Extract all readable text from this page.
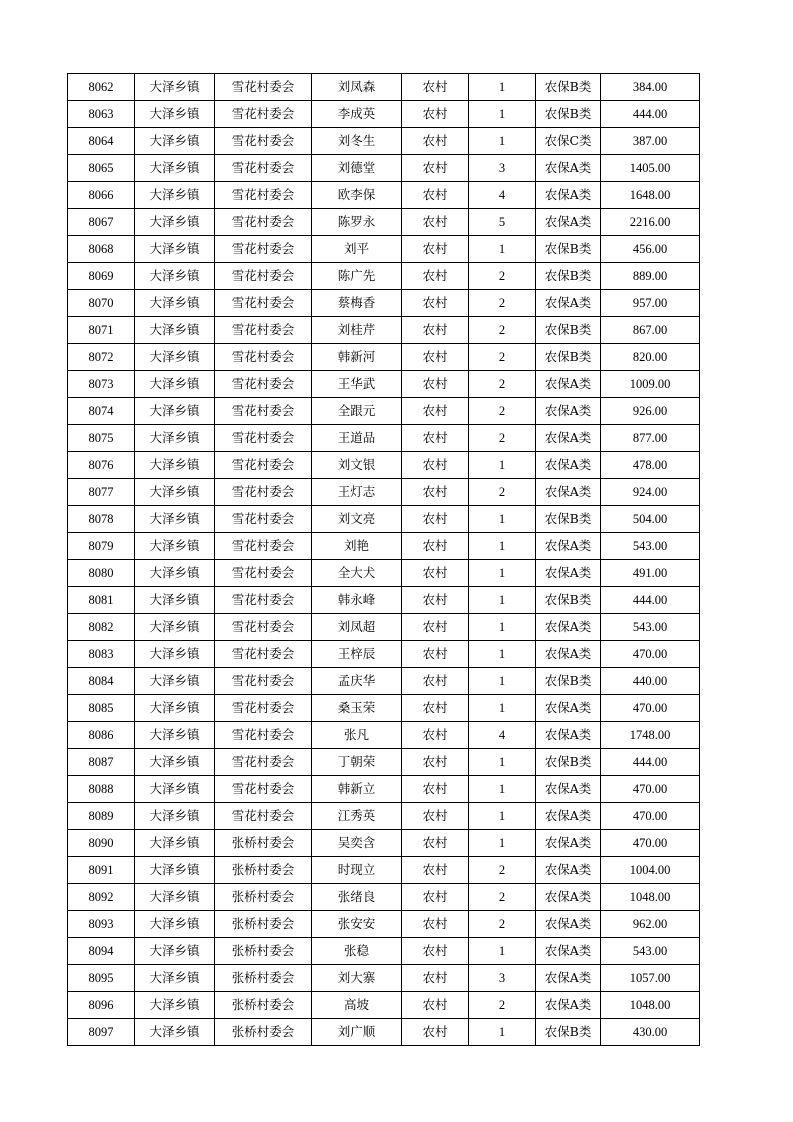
8062	大泽乡镇	雪花村委会	刘凤森	农村	1	农保B类	384.00
8063	大泽乡镇	雪花村委会	李成英	农村	1	农保B类	444.00
8064	大泽乡镇	雪花村委会	刘冬生	农村	1	农保C类	387.00
8065	大泽乡镇	雪花村委会	刘德堂	农村	3	农保A类	1405.00
8066	大泽乡镇	雪花村委会	欧李保	农村	4	农保A类	1648.00
8067	大泽乡镇	雪花村委会	陈罗永	农村	5	农保A类	2216.00
8068	大泽乡镇	雪花村委会	刘平	农村	1	农保B类	456.00
8069	大泽乡镇	雪花村委会	陈广先	农村	2	农保B类	889.00
8070	大泽乡镇	雪花村委会	蔡梅香	农村	2	农保A类	957.00
8071	大泽乡镇	雪花村委会	刘桂芹	农村	2	农保B类	867.00
8072	大泽乡镇	雪花村委会	韩新河	农村	2	农保B类	820.00
8073	大泽乡镇	雪花村委会	王华武	农村	2	农保A类	1009.00
8074	大泽乡镇	雪花村委会	全跟元	农村	2	农保A类	926.00
8075	大泽乡镇	雪花村委会	王道品	农村	2	农保A类	877.00
8076	大泽乡镇	雪花村委会	刘文银	农村	1	农保A类	478.00
8077	大泽乡镇	雪花村委会	王灯志	农村	2	农保A类	924.00
8078	大泽乡镇	雪花村委会	刘文亮	农村	1	农保B类	504.00
8079	大泽乡镇	雪花村委会	刘艳	农村	1	农保A类	543.00
8080	大泽乡镇	雪花村委会	全大犬	农村	1	农保A类	491.00
8081	大泽乡镇	雪花村委会	韩永峰	农村	1	农保B类	444.00
8082	大泽乡镇	雪花村委会	刘凤超	农村	1	农保A类	543.00
8083	大泽乡镇	雪花村委会	王梓辰	农村	1	农保A类	470.00
8084	大泽乡镇	雪花村委会	孟庆华	农村	1	农保B类	440.00
8085	大泽乡镇	雪花村委会	桑玉荣	农村	1	农保A类	470.00
8086	大泽乡镇	雪花村委会	张凡	农村	4	农保A类	1748.00
8087	大泽乡镇	雪花村委会	丁朝荣	农村	1	农保B类	444.00
8088	大泽乡镇	雪花村委会	韩新立	农村	1	农保A类	470.00
8089	大泽乡镇	雪花村委会	江秀英	农村	1	农保A类	470.00
8090	大泽乡镇	张桥村委会	吴奕含	农村	1	农保A类	470.00
8091	大泽乡镇	张桥村委会	时现立	农村	2	农保A类	1004.00
8092	大泽乡镇	张桥村委会	张绪良	农村	2	农保A类	1048.00
8093	大泽乡镇	张桥村委会	张安安	农村	2	农保A类	962.00
8094	大泽乡镇	张桥村委会	张稳	农村	1	农保A类	543.00
8095	大泽乡镇	张桥村委会	刘大寨	农村	3	农保A类	1057.00
8096	大泽乡镇	张桥村委会	高坡	农村	2	农保A类	1048.00
8097	大泽乡镇	张桥村委会	刘广顺	农村	1	农保B类	430.00
